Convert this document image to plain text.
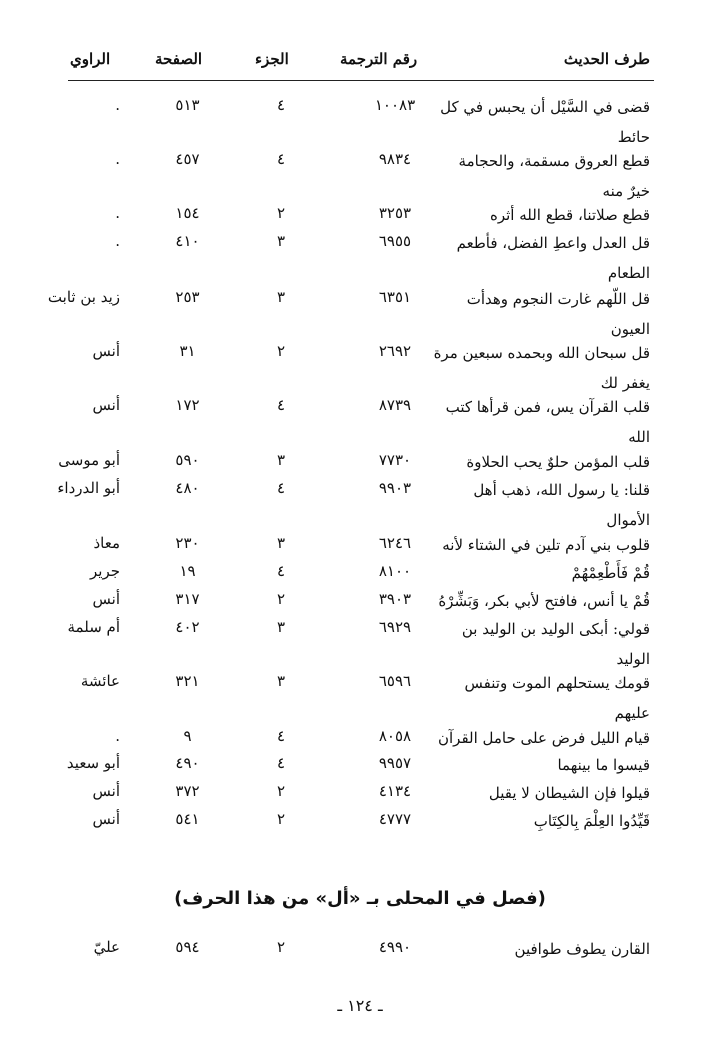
طرف الحديث
رقم الترجمة
الجزء
الصفحة
الراوي
قضى في السَّيْل أن يحبس في كل حائط
١٠٠٨٣
٤
٥١٣
.
قطع العروق مسقمة، والحجامة خيرٌ منه
٩٨٣٤
٤
٤٥٧
.
قطع صلاتنا، قطع الله أثره
٣٢٥٣
٢
١٥٤
.
قل العدل واعطِ الفضل، فأطعم الطعام
٦٩٥٥
٣
٤١٠
.
قل اللّهم غارت النجوم وهدأت العيون
٦٣٥١
٣
٢٥٣
زيد بن ثابت
قل سبحان الله وبحمده سبعين مرة يغفر لك
٢٦٩٢
٢
٣١
أنس
قلب القرآن يس، فمن قرأها كتب الله
٨٧٣٩
٤
١٧٢
أنس
قلب المؤمن حلوٌ يحب الحلاوة
٧٧٣٠
٣
٥٩٠
أبو موسى
قلنا: يا رسول الله، ذهب أهل الأموال
٩٩٠٣
٤
٤٨٠
أبو الدرداء
قلوب بني آدم تلين في الشتاء لأنه
٦٢٤٦
٣
٢٣٠
معاذ
قُمْ فَأَطْعِمْهُمْ
٨١٠٠
٤
١٩
جرير
قُمْ يا أنس، فافتح لأبي بكر، وَبَشِّرْهُ
٣٩٠٣
٢
٣١٧
أنس
قولي: أبكى الوليد بن الوليد بن الوليد
٦٩٢٩
٣
٤٠٢
أم سلمة
قومك يستحلهم الموت وتنفس عليهم
٦٥٩٦
٣
٣٢١
عائشة
قيام الليل فرض على حامل القرآن
٨٠٥٨
٤
٩
.
قيسوا ما بينهما
٩٩٥٧
٤
٤٩٠
أبو سعيد
قيلوا فإن الشيطان لا يقيل
٤١٣٤
٢
٣٧٢
أنس
قَيِّدُوا العِلْمَ بِالكِتَابِ
٤٧٧٧
٢
٥٤١
أنس
(فصل في المحلى بـ «أل» من هذا الحرف)
القارن يطوف طوافين
٤٩٩٠
٢
٥٩٤
عليّ
ـ ١٢٤ ـ
